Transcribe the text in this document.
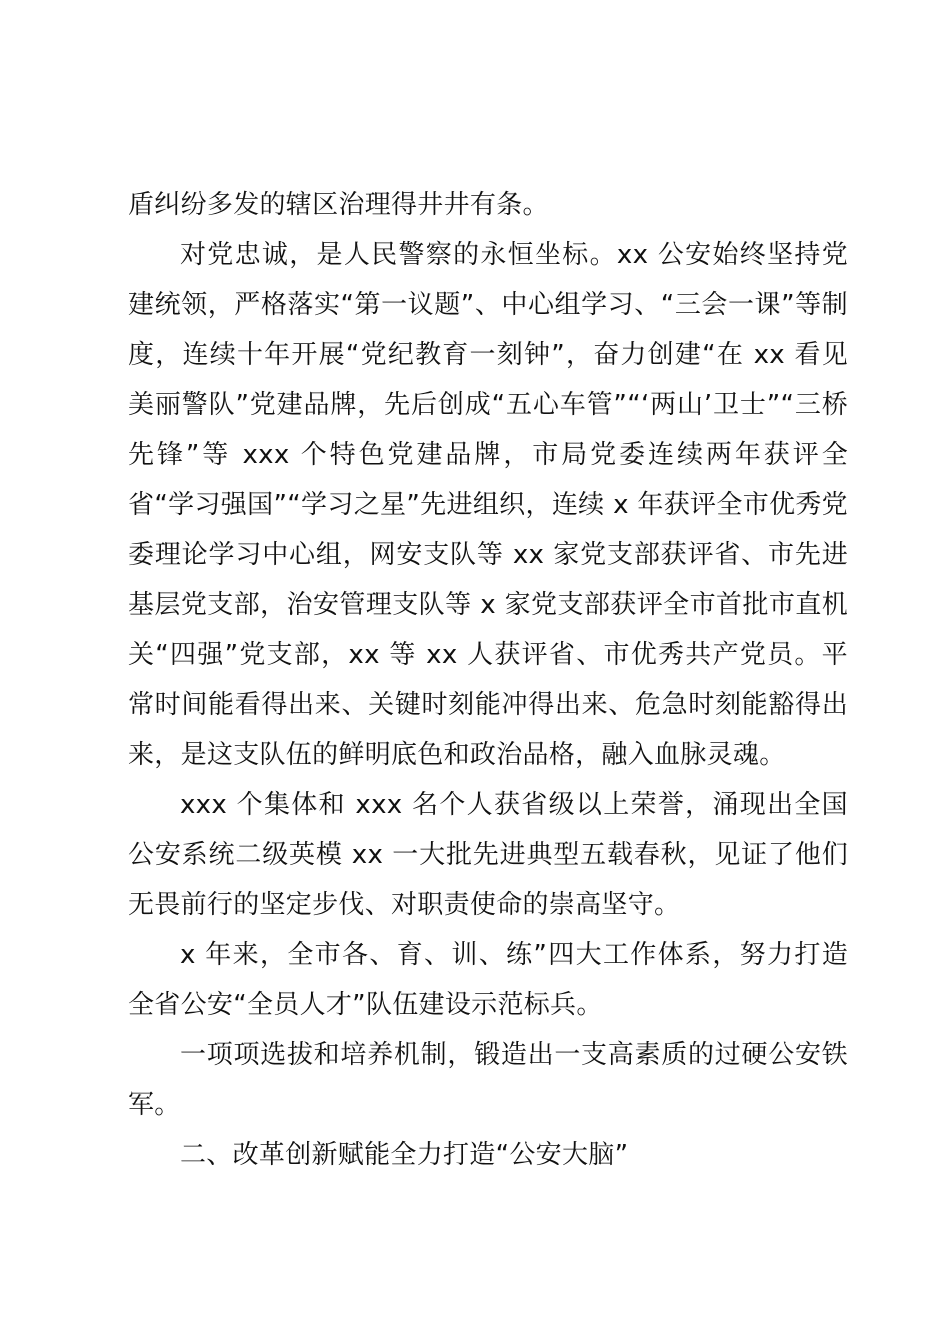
盾纠纷多发的辖区治理得井井有条。

对党忠诚，是人民警察的永恒坐标。xx 公安始终坚持党建统领，严格落实“第一议题”、中心组学习、“三会一课”等制度，连续十年开展“党纪教育一刻钟”，奋力创建“在 xx 看见美丽警队”党建品牌，先后创成“五心车管”“‘两山’卫士”“三桥先锋”等 xxx 个特色党建品牌，市局党委连续两年获评全省“学习强国”“学习之星”先进组织，连续 x 年获评全市优秀党委理论学习中心组，网安支队等 xx 家党支部获评省、市先进基层党支部，治安管理支队等 x 家党支部获评全市首批市直机关“四强”党支部，xx 等 xx 人获评省、市优秀共产党员。平常时间能看得出来、关键时刻能冲得出来、危急时刻能豁得出来，是这支队伍的鲜明底色和政治品格，融入血脉灵魂。

xxx 个集体和 xxx 名个人获省级以上荣誉，涌现出全国公安系统二级英模 xx 一大批先进典型五载春秋，见证了他们无畏前行的坚定步伐、对职责使命的崇高坚守。

x 年来，全市各、育、训、练”四大工作体系，努力打造全省公安“全员人才”队伍建设示范标兵。

一项项选拔和培养机制，锻造出一支高素质的过硬公安铁军。

二、改革创新赋能全力打造“公安大脑”
